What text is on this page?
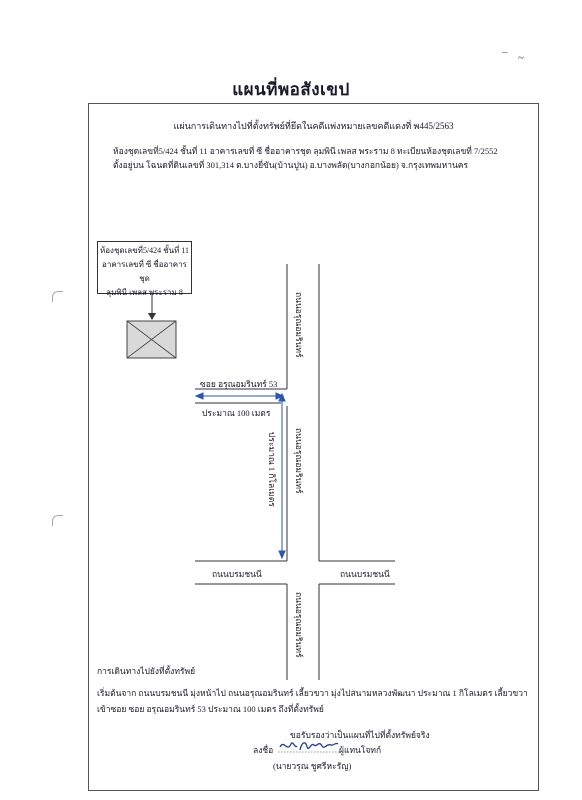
แผนที่พอสังเขป
แผ่นการเดินทางไปที่ตั้งทรัพย์ที่ยึดในคดีแพ่งหมายเลขคดีแดงที่ พ445/2563
ห้องชุดเลขที่5/424 ชั้นที่ 11 อาคารเลขที่ ซี ชื่ออาคารชุด ลุมพินี เพลส พระราม 8 ทะเบียนห้องชุดเลขที่ 7/2552
ตั้งอยู่บน โฉนดที่ดินเลขที่ 301,314 ต.บางยี่ขัน(บ้านปูน) อ.บางพลัด(บางกอกน้อย) จ.กรุงเทพมหานคร
ห้องชุดเลขที่5/424 ชั้นที่ 11
อาคารเลขที่ ซี ชื่ออาคารชุด
ลุมพินี เพลส พระราม 8
ซอย อรุณอมรินทร์ 53
ประมาณ 100 เมตร
ประมาณ 1 กิโลเมตร
ถนนอรุณอมรินทร์
ถนนอรุณอมรินทร์
ถนนอรุณอมรินทร์
ถนนบรมชนนี	ถนนบรมชนนี
การเดินทางไปยังที่ตั้งทรัพย์
เริ่มต้นจาก ถนนบรมชนนี มุ่งหน้าไป ถนนอรุณอมรินทร์ เลี้ยวขวา มุ่งไปสนามหลวงพัฒนา ประมาณ 1 กิโลเมตร เลี้ยวขวา
เข้าซอย ซอย อรุณอมรินทร์ 53 ประมาณ 100 เมตร ถึงที่ตั้งทรัพย์
ขอรับรองว่าเป็นแผนที่ไปที่ตั้งทรัพย์จริง
ลงชื่อ	ผู้แทนโจทก์
(นายวรุณ ชูศรีหะรัญ)
– ~
